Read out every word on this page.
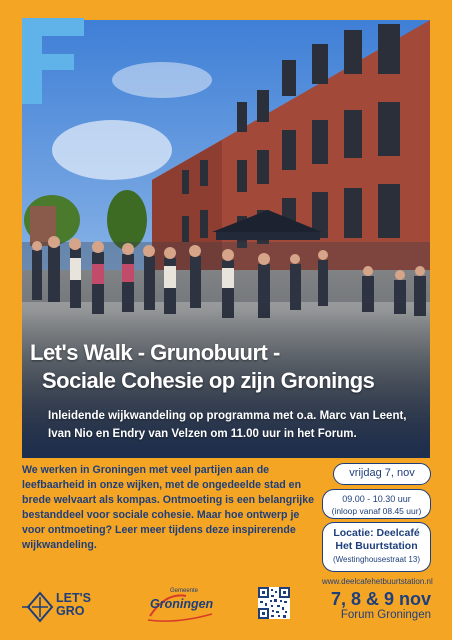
Let's Walk - Grunobuurt -
Sociale Cohesie op zijn Gronings
Inleidende wijkwandeling op programma met o.a. Marc van Leent,
Ivan Nio en Endry van Velzen om 11.00 uur in het Forum.
We werken in Groningen met veel partijen aan de leefbaarheid in onze wijken, met de ongedeelde stad en brede welvaart als kompas. Ontmoeting is een belangrijke bestanddeel voor sociale cohesie. Maar hoe ontwerp je voor ontmoeting? Leer meer tijdens deze inspirerende wijkwandeling.
vrijdag 7, nov
09.00 - 10.30 uur
(inloop vanaf 08.45 uur)
Locatie: Deelcafé
Het Buurtstation
(Westinghousestraat 13)
www.deelcafehetbuurtstation.nl
7, 8 & 9 nov
Forum Groningen
LET'S
GRO
Gemeente
Groningen
